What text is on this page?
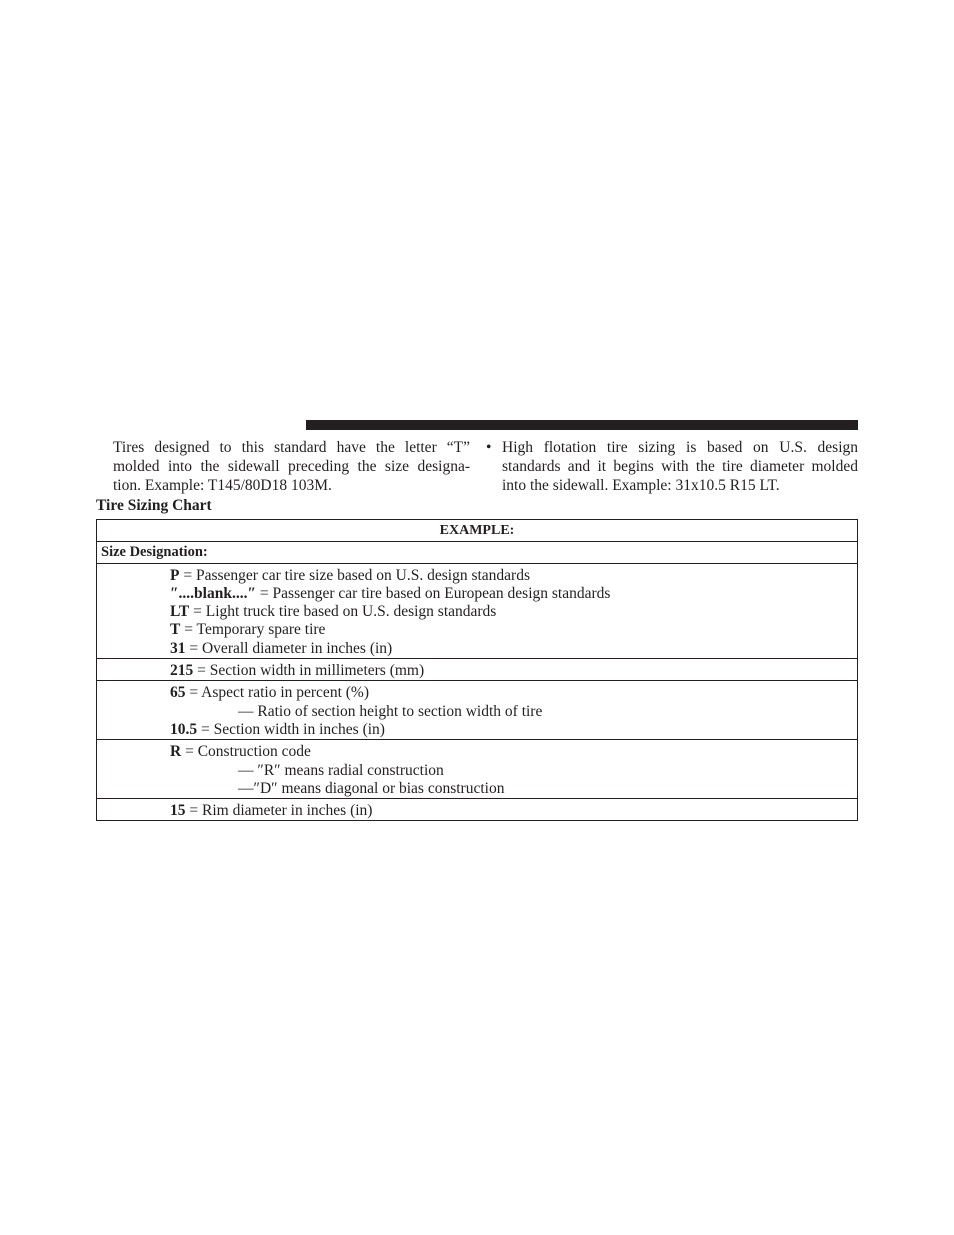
Tires designed to this standard have the letter “T”
molded into the sidewall preceding the size designa-
tion. Example: T145/80D18 103M.

• High flotation tire sizing is based on U.S. design
standards and it begins with the tire diameter molded
into the sidewall. Example: 31x10.5 R15 LT.

Tire Sizing Chart

EXAMPLE:
Size Designation:

P = Passenger car tire size based on U.S. design standards
″....blank....″ = Passenger car tire based on European design standards
LT = Light truck tire based on U.S. design standards
T = Temporary spare tire
31 = Overall diameter in inches (in)

215 = Section width in millimeters (mm)

65 = Aspect ratio in percent (%)
— Ratio of section height to section width of tire
10.5 = Section width in inches (in)

R = Construction code
— ″R″ means radial construction
—″D″ means diagonal or bias construction

15 = Rim diameter in inches (in)
